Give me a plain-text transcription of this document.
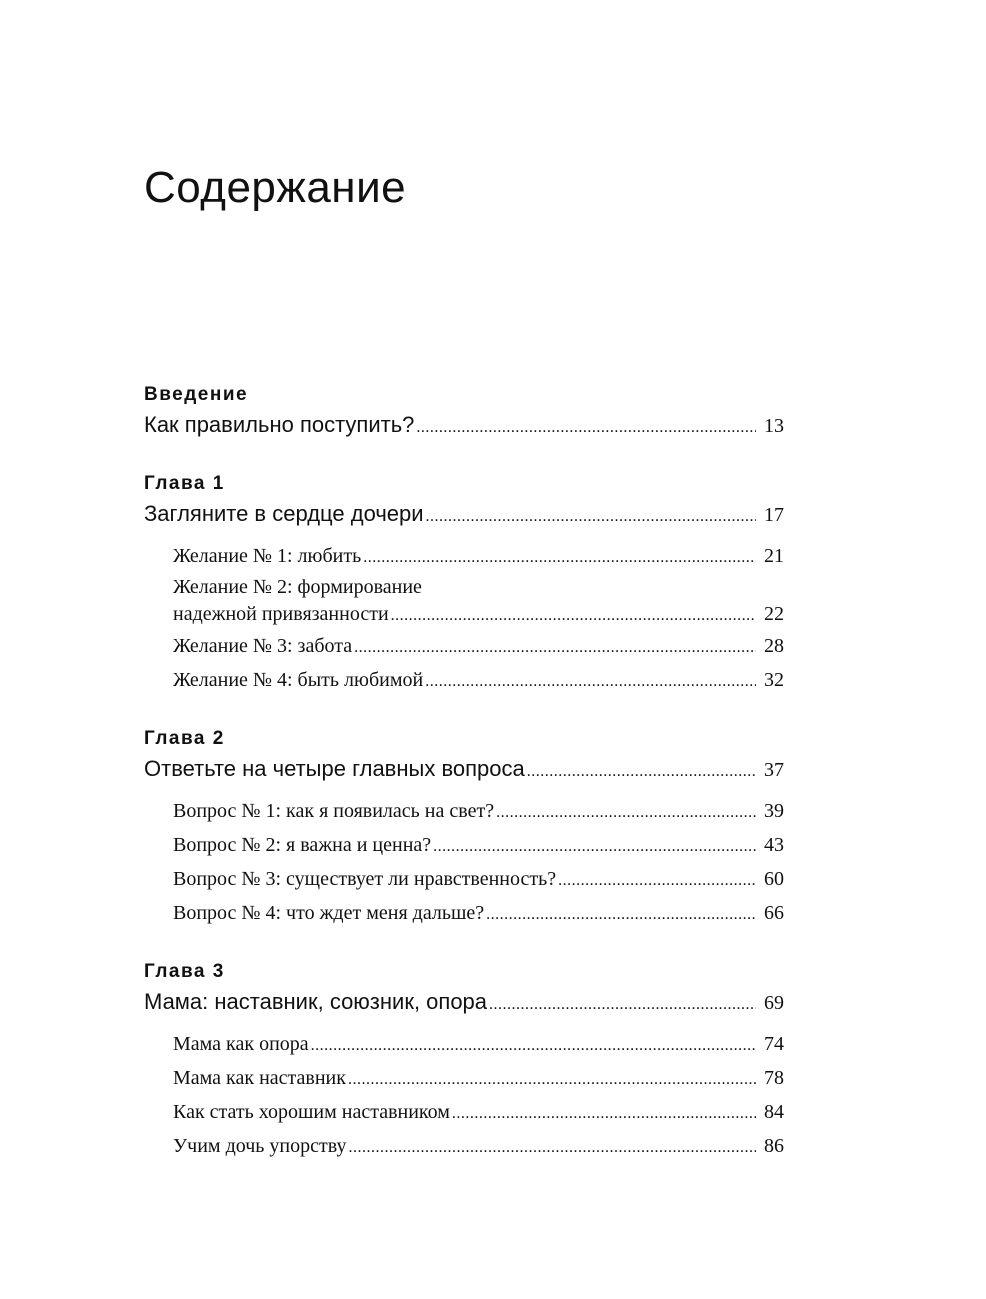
Содержание
Введение
Как правильно поступить? .....	13
Глава 1
Загляните в сердце дочери .....	17
Желание № 1: любить .....	21
Желание № 2: формирование
надежной привязанности .....	22
Желание № 3: забота .....	28
Желание № 4: быть любимой .....	32
Глава 2
Ответьте на четыре главных вопроса .....	37
Вопрос № 1: как я появилась на свет? .....	39
Вопрос № 2: я важна и ценна? .....	43
Вопрос № 3: существует ли нравственность? .....	60
Вопрос № 4: что ждет меня дальше? .....	66
Глава 3
Мама: наставник, союзник, опора .....	69
Мама как опора .....	74
Мама как наставник .....	78
Как стать хорошим наставником .....	84
Учим дочь упорству .....	86
